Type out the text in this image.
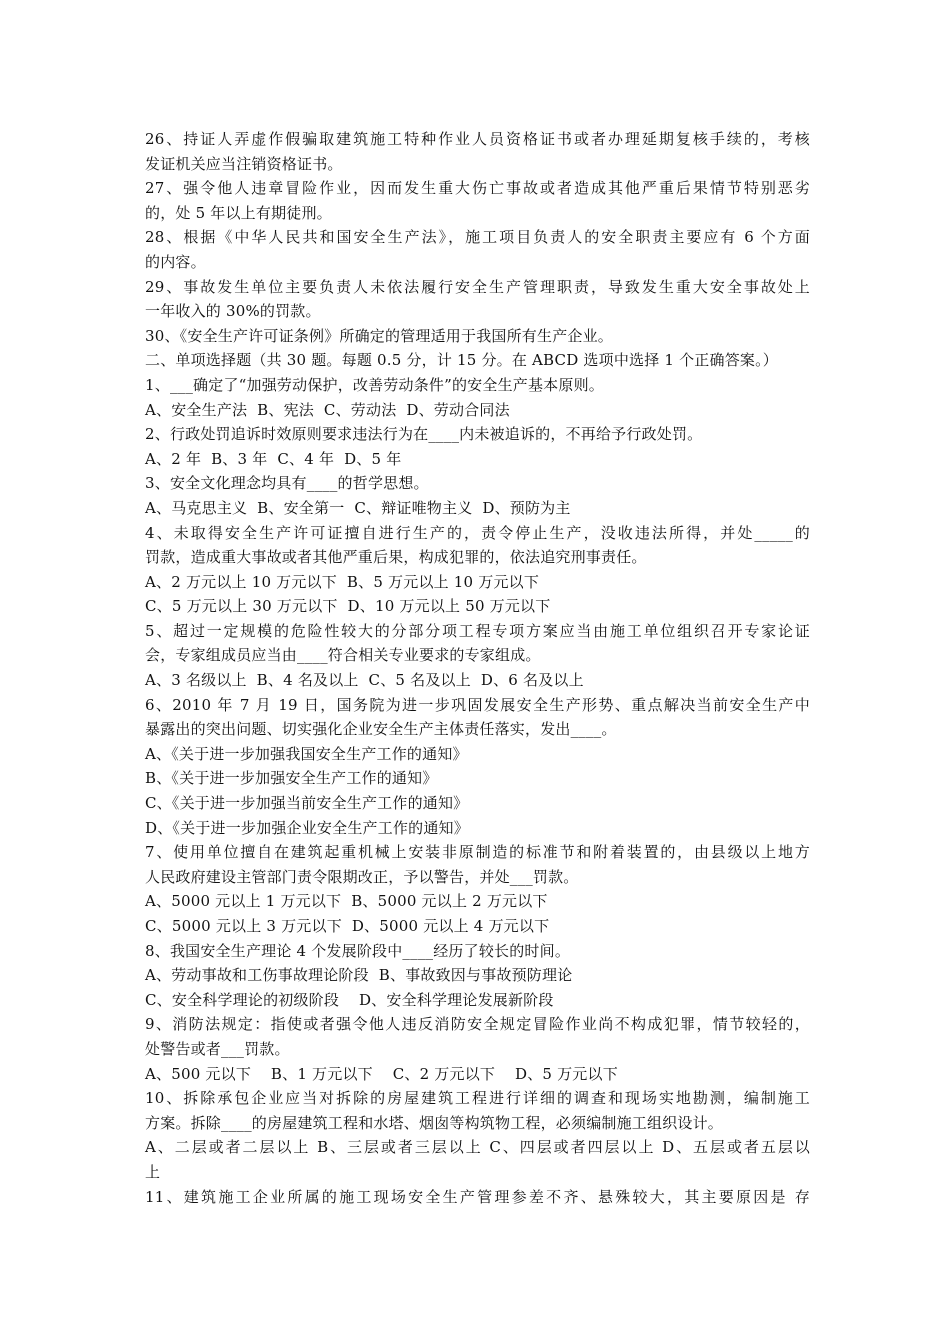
26、持证人弄虚作假骗取建筑施工特种作业人员资格证书或者办理延期复核手续的，考核
发证机关应当注销资格证书。
27、强令他人违章冒险作业，因而发生重大伤亡事故或者造成其他严重后果情节特别恶劣
的，处 5 年以上有期徒刑。
28、根据《中华人民共和国安全生产法》，施工项目负责人的安全职责主要应有 6 个方面
的内容。
29、事故发生单位主要负责人未依法履行安全生产管理职责，导致发生重大安全事故处上
一年收入的 30%的罚款。
30、《安全生产许可证条例》所确定的管理适用于我国所有生产企业。
二、单项选择题（共 30 题。每题 0.5 分，计 15 分。在 ABCD 选项中选择 1 个正确答案。）
1、___确定了“加强劳动保护，改善劳动条件”的安全生产基本原则。
A、安全生产法  B、宪法  C、劳动法  D、劳动合同法
2、行政处罚追诉时效原则要求违法行为在____内未被追诉的，不再给予行政处罚。
A、2 年  B、3 年  C、4 年  D、5 年
3、安全文化理念均具有____的哲学思想。
A、马克思主义  B、安全第一  C、辩证唯物主义  D、预防为主
4、未取得安全生产许可证擅自进行生产的，责令停止生产，没收违法所得，并处_____的
罚款，造成重大事故或者其他严重后果，构成犯罪的，依法追究刑事责任。
A、2 万元以上 10 万元以下  B、5 万元以上 10 万元以下
C、5 万元以上 30 万元以下  D、10 万元以上 50 万元以下
5、超过一定规模的危险性较大的分部分项工程专项方案应当由施工单位组织召开专家论证
会，专家组成员应当由____符合相关专业要求的专家组成。
A、3 名级以上  B、4 名及以上  C、5 名及以上  D、6 名及以上
6、2010 年 7 月 19 日，国务院为进一步巩固发展安全生产形势、重点解决当前安全生产中
暴露出的突出问题、切实强化企业安全生产主体责任落实，发出____。
A、《关于进一步加强我国安全生产工作的通知》
B、《关于进一步加强安全生产工作的通知》
C、《关于进一步加强当前安全生产工作的通知》
D、《关于进一步加强企业安全生产工作的通知》
7、使用单位擅自在建筑起重机械上安装非原制造的标准节和附着装置的，由县级以上地方
人民政府建设主管部门责令限期改正，予以警告，并处___罚款。
A、5000 元以上 1 万元以下  B、5000 元以上 2 万元以下
C、5000 元以上 3 万元以下  D、5000 元以上 4 万元以下
8、我国安全生产理论 4 个发展阶段中____经历了较长的时间。
A、劳动事故和工伤事故理论阶段  B、事故致因与事故预防理论
C、安全科学理论的初级阶段    D、安全科学理论发展新阶段
9、消防法规定：指使或者强令他人违反消防安全规定冒险作业尚不构成犯罪，情节较轻的，
处警告或者___罚款。
A、500 元以下    B、1 万元以下    C、2 万元以下    D、5 万元以下
10、拆除承包企业应当对拆除的房屋建筑工程进行详细的调查和现场实地勘测，编制施工
方案。拆除____的房屋建筑工程和水塔、烟囱等构筑物工程，必须编制施工组织设计。
A、二层或者二层以上 B、三层或者三层以上 C、四层或者四层以上 D、五层或者五层以
上
11、建筑施工企业所属的施工现场安全生产管理参差不齐、悬殊较大，其主要原因是 存
